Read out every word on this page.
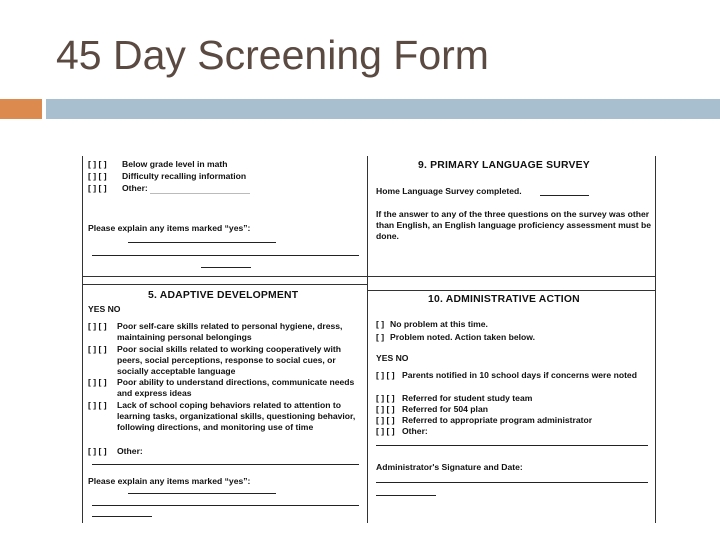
45 Day Screening Form
[ ] [ ] Below grade level in math
[ ] [ ] Difficulty recalling information
[ ] [ ] Other:
Please explain any items marked “yes”:
5. ADAPTIVE DEVELOPMENT
YES NO
[ ] [ ] Poor self-care skills related to personal hygiene, dress, maintaining personal belongings
[ ] [ ] Poor social skills related to working cooperatively with peers, social perceptions, response to social cues, or socially acceptable language
[ ] [ ] Poor ability to understand directions, communicate needs and express ideas
[ ] [ ] Lack of school coping behaviors related to attention to learning tasks, organizational skills, questioning behavior, following directions, and monitoring use of time
[ ] [ ] Other:
Please explain any items marked “yes”:
9. PRIMARY LANGUAGE SURVEY
Home Language Survey completed.
If the answer to any of the three questions on the survey was other than English, an English language proficiency assessment must be done.
10. ADMINISTRATIVE ACTION
[ ] No problem at this time.
[ ] Problem noted. Action taken below.
YES NO
[ ] [ ] Parents notified in 10 school days if concerns were noted
[ ] [ ] Referred for student study team
[ ] [ ] Referred for 504 plan
[ ] [ ] Referred to appropriate program administrator
[ ] [ ] Other:
Administrator's Signature and Date:
